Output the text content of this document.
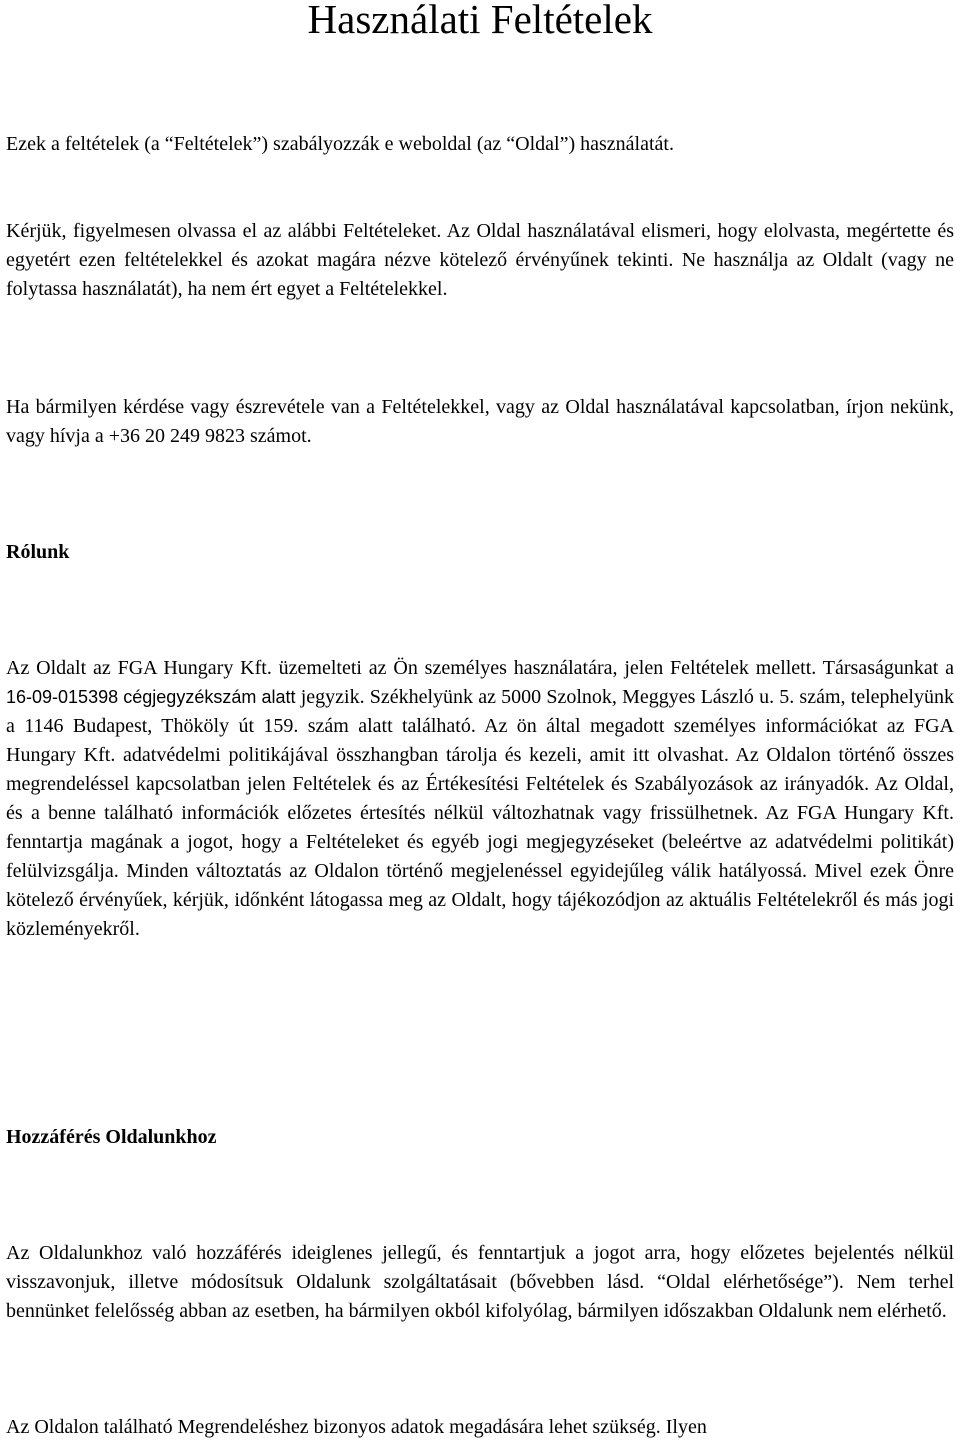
Használati Feltételek

Ezek a feltételek (a “Feltételek”) szabályozzák e weboldal (az “Oldal”) használatát.

Kérjük, figyelmesen olvassa el az alábbi Feltételeket. Az Oldal használatával elismeri, hogy elolvasta, megértette és egyetért ezen feltételekkel és azokat magára nézve kötelező érvényűnek tekinti. Ne használja az Oldalt (vagy ne folytassa használatát), ha nem ért egyet a Feltételekkel.

Ha bármilyen kérdése vagy észrevétele van a Feltételekkel, vagy az Oldal használatával kapcsolatban, írjon nekünk, vagy hívja a +36 20 249 9823 számot.

Rólunk

Az Oldalt az FGA Hungary Kft. üzemelteti az Ön személyes használatára, jelen Feltételek mellett. Társaságunkat a 16-09-015398 cégjegyzékszám alatt jegyzik. Székhelyünk az 5000 Szolnok, Meggyes László u. 5. szám, telephelyünk a 1146 Budapest, Thököly út 159. szám alatt található. Az ön által megadott személyes információkat az FGA Hungary Kft. adatvédelmi politikájával összhangban tárolja és kezeli, amit itt olvashat. Az Oldalon történő összes megrendeléssel kapcsolatban jelen Feltételek és az Értékesítési Feltételek és Szabályozások az irányadók. Az Oldal, és a benne található információk előzetes értesítés nélkül változhatnak vagy frissülhetnek. Az FGA Hungary Kft. fenntartja magának a jogot, hogy a Feltételeket és egyéb jogi megjegyzéseket (beleértve az adatvédelmi politikát) felülvizsgálja. Minden változtatás az Oldalon történő megjelenéssel egyidejűleg válik hatályossá. Mivel ezek Önre kötelező érvényűek, kérjük, időnként látogassa meg az Oldalt, hogy tájékozódjon az aktuális Feltételekről és más jogi közleményekről.

Hozzáférés Oldalunkhoz

Az Oldalunkhoz való hozzáférés ideiglenes jellegű, és fenntartjuk a jogot arra, hogy előzetes bejelentés nélkül visszavonjuk, illetve módosítsuk Oldalunk szolgáltatásait (bővebben lásd. “Oldal elérhetősége”). Nem terhel bennünket felelősség abban az esetben, ha bármilyen okból kifolyólag, bármilyen időszakban Oldalunk nem elérhető.

Az Oldalon található Megrendeléshez bizonyos adatok megadására lehet szükség. Ilyen
